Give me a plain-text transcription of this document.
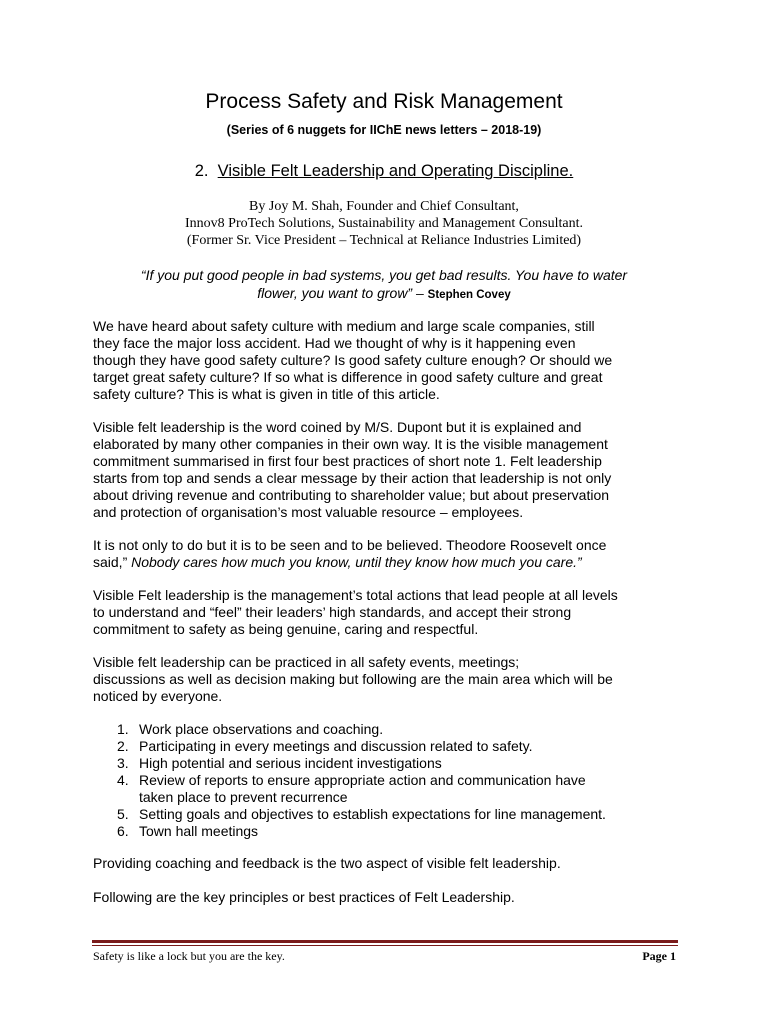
Process Safety and Risk Management
(Series of 6 nuggets for IIChE news letters – 2018-19)
2. Visible Felt Leadership and Operating Discipline.
By Joy M. Shah, Founder and Chief Consultant,
Innov8 ProTech Solutions, Sustainability and Management Consultant.
(Former Sr. Vice President – Technical at Reliance Industries Limited)
“If you put good people in bad systems, you get bad results. You have to water
flower, you want to grow” – Stephen Covey
We have heard about safety culture with medium and large scale companies, still
they face the major loss accident. Had we thought of why is it happening even
though they have good safety culture? Is good safety culture enough? Or should we
target great safety culture? If so what is difference in good safety culture and great
safety culture? This is what is given in title of this article.
Visible felt leadership is the word coined by M/S. Dupont but it is explained and
elaborated by many other companies in their own way. It is the visible management
commitment summarised in first four best practices of short note 1. Felt leadership
starts from top and sends a clear message by their action that leadership is not only
about driving revenue and contributing to shareholder value; but about preservation
and protection of organisation’s most valuable resource – employees.
It is not only to do but it is to be seen and to be believed. Theodore Roosevelt once
said,” Nobody cares how much you know, until they know how much you care.”
Visible Felt leadership is the management’s total actions that lead people at all levels
to understand and “feel” their leaders’ high standards, and accept their strong
commitment to safety as being genuine, caring and respectful.
Visible felt leadership can be practiced in all safety events, meetings;
discussions as well as decision making but following are the main area which will be
noticed by everyone.
1. Work place observations and coaching.
2. Participating in every meetings and discussion related to safety.
3. High potential and serious incident investigations
4. Review of reports to ensure appropriate action and communication have
taken place to prevent recurrence
5. Setting goals and objectives to establish expectations for line management.
6. Town hall meetings
Providing coaching and feedback is the two aspect of visible felt leadership.
Following are the key principles or best practices of Felt Leadership.
Safety is like a lock but you are the key.	Page 1
